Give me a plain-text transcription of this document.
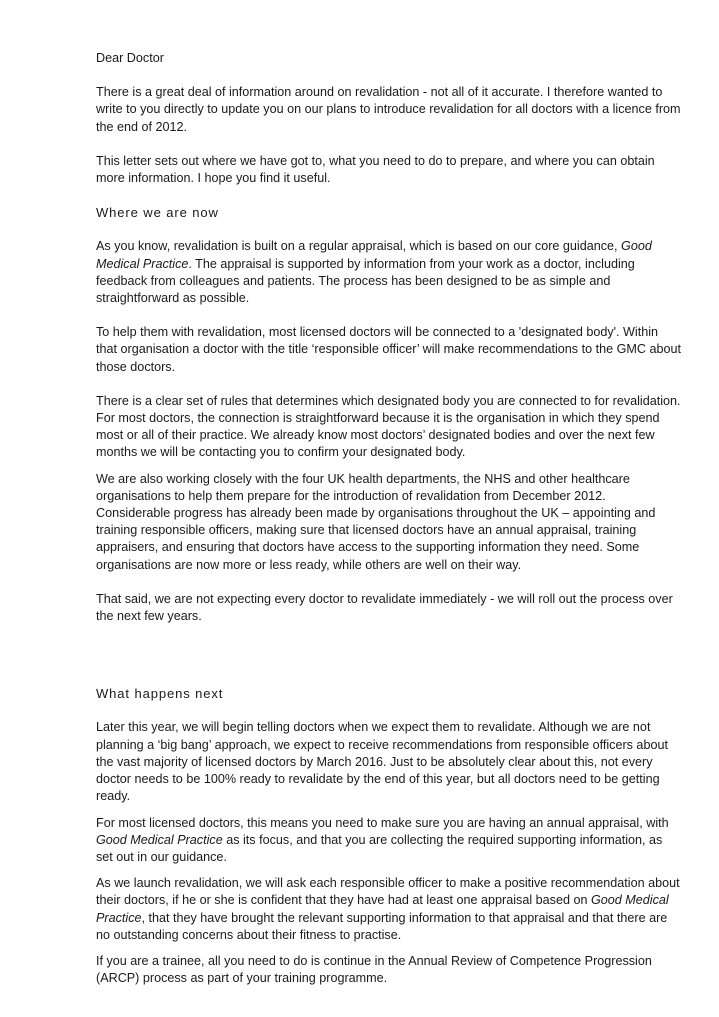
Dear Doctor

There is a great deal of information around on revalidation - not all of it accurate. I therefore wanted to write to you directly to update you on our plans to introduce revalidation for all doctors with a licence from the end of 2012.

This letter sets out where we have got to, what you need to do to prepare, and where you can obtain more information. I hope you find it useful.

Where we are now

As you know, revalidation is built on a regular appraisal, which is based on our core guidance, Good Medical Practice. The appraisal is supported by information from your work as a doctor, including feedback from colleagues and patients. The process has been designed to be as simple and straightforward as possible.

To help them with revalidation, most licensed doctors will be connected to a 'designated body'. Within that organisation a doctor with the title ‘responsible officer’ will make recommendations to the GMC about those doctors.

There is a clear set of rules that determines which designated body you are connected to for revalidation. For most doctors, the connection is straightforward because it is the organisation in which they spend most or all of their practice. We already know most doctors’ designated bodies and over the next few months we will be contacting you to confirm your designated body.

We are also working closely with the four UK health departments, the NHS and other healthcare organisations to help them prepare for the introduction of revalidation from December 2012. Considerable progress has already been made by organisations throughout the UK – appointing and training responsible officers, making sure that licensed doctors have an annual appraisal, training appraisers, and ensuring that doctors have access to the supporting information they need. Some organisations are now more or less ready, while others are well on their way.

That said, we are not expecting every doctor to revalidate immediately - we will roll out the process over the next few years.

What happens next

Later this year, we will begin telling doctors when we expect them to revalidate. Although we are not planning a ‘big bang’ approach, we expect to receive recommendations from responsible officers about the vast majority of licensed doctors by March 2016. Just to be absolutely clear about this, not every doctor needs to be 100% ready to revalidate by the end of this year, but all doctors need to be getting ready.

For most licensed doctors, this means you need to make sure you are having an annual appraisal, with Good Medical Practice as its focus, and that you are collecting the required supporting information, as set out in our guidance.

As we launch revalidation, we will ask each responsible officer to make a positive recommendation about their doctors, if he or she is confident that they have had at least one appraisal based on Good Medical Practice, that they have brought the relevant supporting information to that appraisal and that there are no outstanding concerns about their fitness to practise.

If you are a trainee, all you need to do is continue in the Annual Review of Competence Progression (ARCP) process as part of your training programme.
